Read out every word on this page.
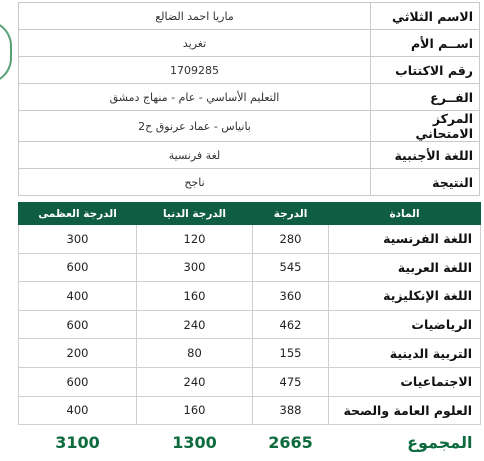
ماريا احمد الضالع	الاسم الثلاثي
تغريد	اســم الأم
1709285	رقم الاكتتاب
التعليم الأساسي - عام - منهاج دمشق	الفــرع
بانياس - عماد عرنوق ح2	المركز الامتحاني
لغة فرنسية	اللغة الأجنبية
ناجح	النتيجة
الدرجة العظمى	الدرجة الدنيا	الدرجة	المادة
300	120	280	اللغة الفرنسية
600	300	545	اللغة العربية
400	160	360	اللغة الإنكليزية
600	240	462	الرياضيات
200	80	155	التربية الدينية
600	240	475	الاجتماعيات
400	160	388	العلوم العامة والصحة
3100	1300	2665	المجموع
